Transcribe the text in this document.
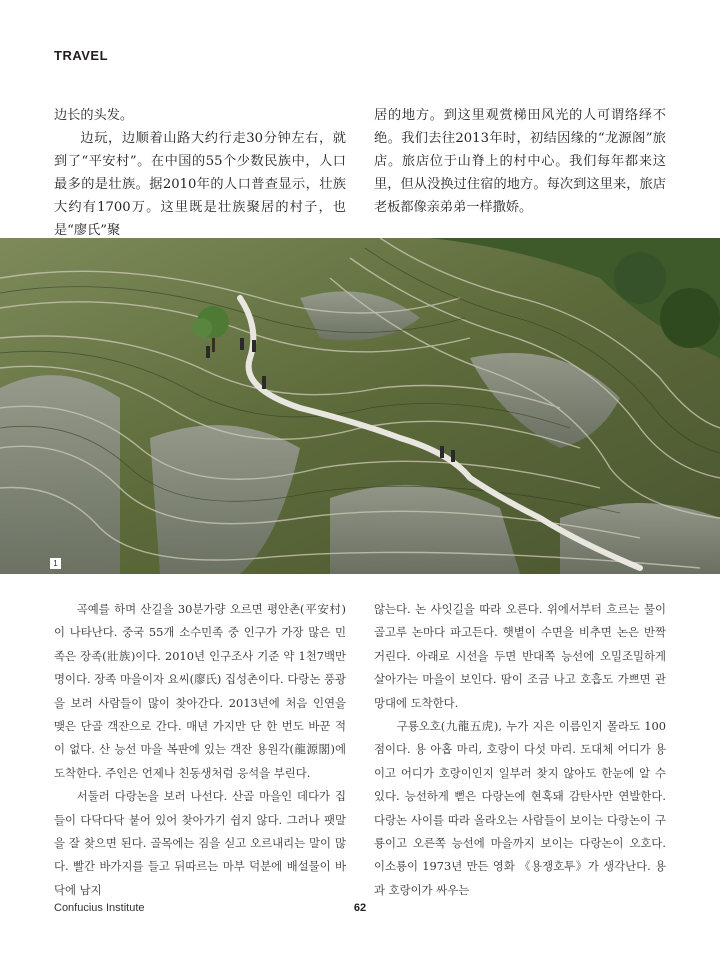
TRAVEL

边长的头发。

边玩，边顺着山路大约行走30分钟左右，就到了“平安村”。在中国的55个少数民族中，人口最多的是壮族。据2010年的人口普查显示，壮族大约有1700万。这里既是壮族聚居的村子，也是“廖氏”聚

居的地方。到这里观赏梯田风光的人可谓络绎不绝。我们去往2013年时，初结因缘的“龙源阁”旅店。旅店位于山脊上的村中心。我们每年都来这里，但从没换过住宿的地方。每次到这里来，旅店老板都像亲弟弟一样撒娇。

1

곡예를 하며 산길을 30분가량 오르면 평안촌(平安村)이 나타난다. 중국 55개 소수민족 중 인구가 가장 많은 민족은 장족(壯族)이다. 2010년 인구조사 기준 약 1천7백만 명이다. 장족 마을이자 요씨(廖氏) 집성촌이다. 다랑논 풍광을 보러 사람들이 많이 찾아간다. 2013년에 처음 인연을 맺은 단골 객잔으로 간다. 매년 가지만 단 한 번도 바꾼 적이 없다. 산 능선 마을 복판에 있는 객잔 용원각(龍源閣)에 도착한다. 주인은 언제나 친동생처럼 응석을 부린다.

서둘러 다랑논을 보러 나선다. 산골 마을인 데다가 집들이 다닥다닥 붙어 있어 찾아가기 쉽지 않다. 그러나 팻말을 잘 찾으면 된다. 골목에는 짐을 싣고 오르내리는 말이 많다. 빨간 바가지를 들고 뒤따르는 마부 덕분에 배설물이 바닥에 남지

않는다. 논 사잇길을 따라 오른다. 위에서부터 흐르는 물이 골고루 논마다 파고든다. 햇볕이 수면을 비추면 논은 반짝거린다. 아래로 시선을 두면 반대쪽 능선에 오밀조밀하게 살아가는 마을이 보인다. 땀이 조금 나고 호흡도 가쁘면 관망대에 도착한다.

구룡오호(九龍五虎), 누가 지은 이름인지 몰라도 100점이다. 용 아홉 마리, 호랑이 다섯 마리. 도대체 어디가 용이고 어디가 호랑이인지 일부러 찾지 않아도 한눈에 알 수 있다. 능선하게 뻗은 다랑논에 현혹돼 감탄사만 연발한다. 다랑논 사이를 따라 올라오는 사람들이 보이는 다랑논이 구룡이고 오른쪽 능선에 마을까지 보이는 다랑논이 오호다. 이소룡이 1973년 만든 영화 《용쟁호투》가 생각난다. 용과 호랑이가 싸우는

Confucius Institute	62
